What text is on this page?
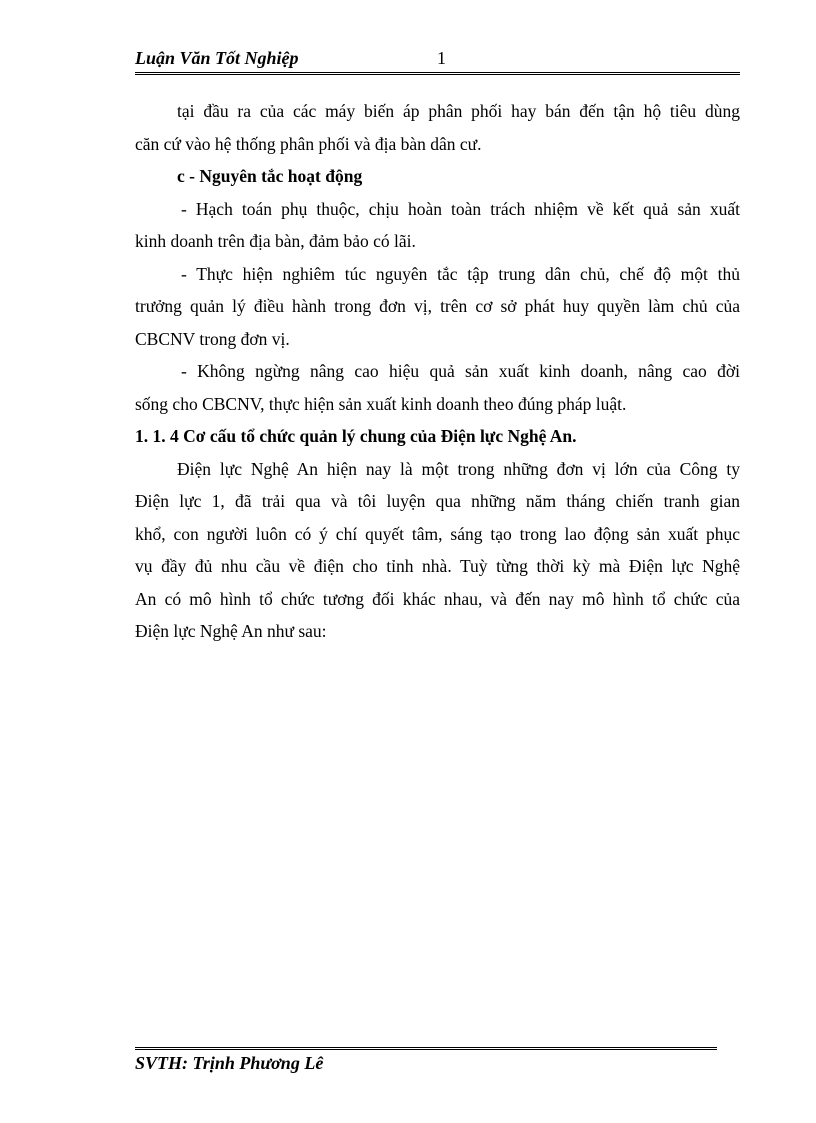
Luận Văn Tốt Nghiệp	1
tại đầu ra của các máy biến áp phân phối hay bán đến tận hộ tiêu dùng
căn cứ vào hệ thống phân phối và địa bàn dân cư.
c - Nguyên tắc hoạt động
- Hạch toán phụ thuộc, chịu hoàn toàn trách nhiệm về kết quả sản xuất
kinh doanh trên địa bàn, đảm bảo có lãi.
- Thực hiện nghiêm túc nguyên tắc tập trung dân chủ, chế độ một thủ
trưởng quản lý điều hành trong đơn vị, trên cơ sở phát huy quyền làm chủ của
CBCNV trong đơn vị.
- Không ngừng nâng cao hiệu quả sản xuất kinh doanh, nâng cao đời
sống cho CBCNV, thực hiện sản xuất kinh doanh theo đúng pháp luật.
1. 1. 4 Cơ cấu tổ chức quản lý chung của Điện lực Nghệ An.
Điện lực Nghệ An hiện nay là một trong những đơn vị lớn của Công ty
Điện lực 1, đã trải qua và tôi luyện qua những năm tháng chiến tranh gian
khổ, con người luôn có ý chí quyết tâm, sáng tạo trong lao động sản xuất phục
vụ đầy đủ nhu cầu về điện cho tỉnh nhà. Tuỳ từng thời kỳ mà Điện lực Nghệ
An có mô hình tổ chức tương đối khác nhau, và đến nay mô hình tổ chức của
Điện lực Nghệ An như sau:
SVTH: Trịnh Phương Lê
